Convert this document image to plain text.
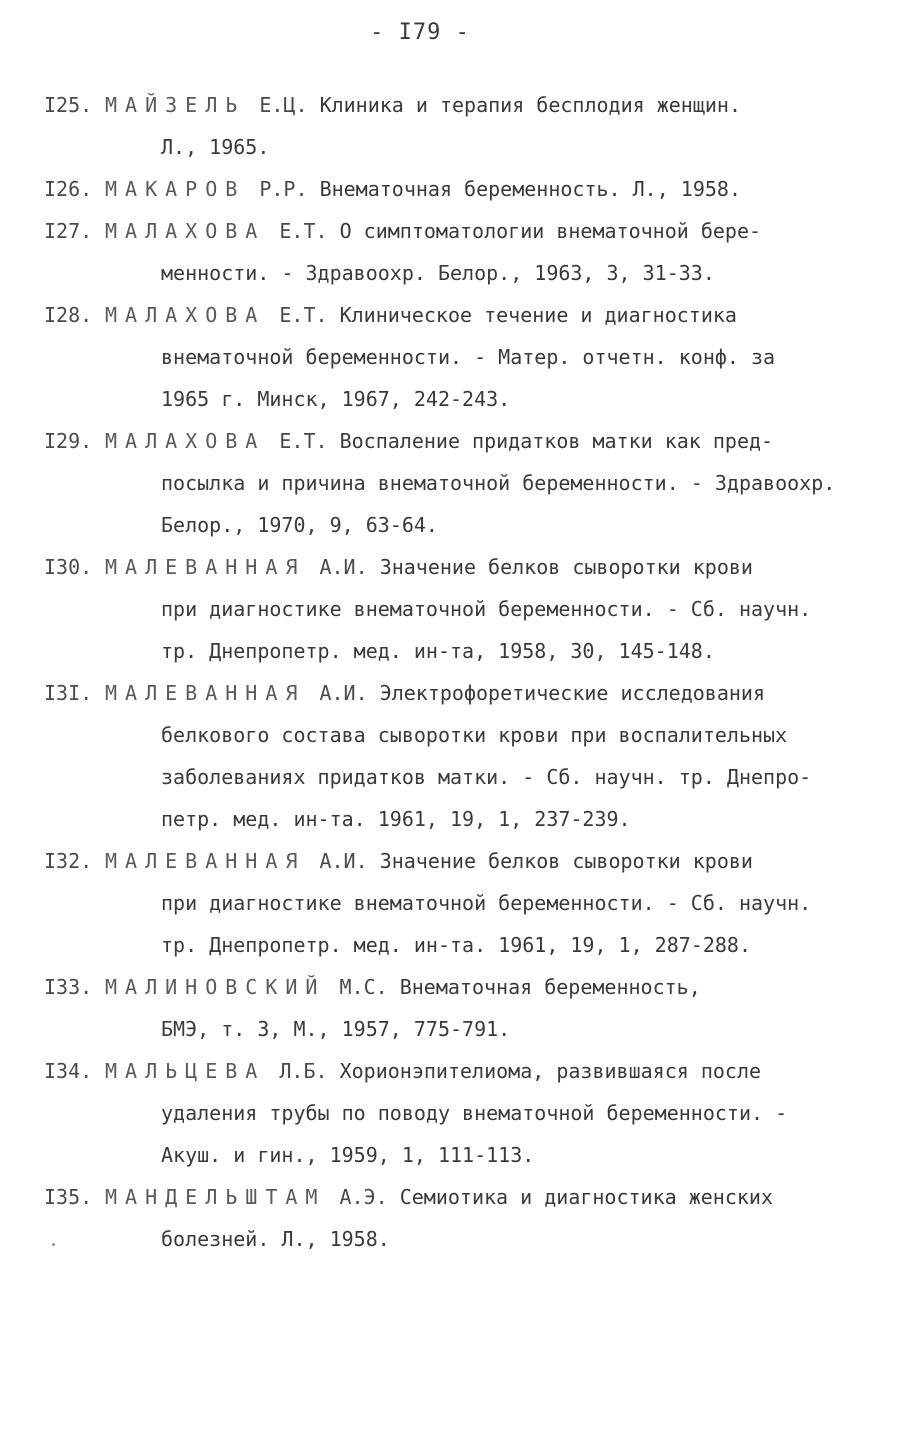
- I79 -
I25. МАЙЗЕЛЬ Е.Ц. Клиника и терапия бесплодия женщин.
Л., 1965.
I26. МАКАРОВ Р.Р. Внематочная беременность. Л., 1958.
I27. МАЛАХОВА Е.Т. О симптоматологии внематочной бере-
менности. - Здравоохр. Белор., 1963, 3, 31-33.
I28. МАЛАХОВА Е.Т. Клиническое течение и диагностика
внематочной беременности. - Матер. отчетн. конф. за
1965 г. Минск, 1967, 242-243.
I29. МАЛАХОВА Е.Т. Воспаление придатков матки как пред-
посылка и причина внематочной беременности. - Здравоохр.
Белор., 1970, 9, 63-64.
I30. МАЛЕВАННАЯ А.И. Значение белков сыворотки крови
при диагностике внематочной беременности. - Сб. научн.
тр. Днепропетр. мед. ин-та, 1958, 30, 145-148.
I3I. МАЛЕВАННАЯ А.И. Электрофоретические исследования
белкового состава сыворотки крови при воспалительных
заболеваниях придатков матки. - Сб. научн. тр. Днепро-
петр. мед. ин-та. 1961, 19, 1, 237-239.
I32. МАЛЕВАННАЯ А.И. Значение белков сыворотки крови
при диагностике внематочной беременности. - Сб. научн.
тр. Днепропетр. мед. ин-та. 1961, 19, 1, 287-288.
I33. МАЛИНОВСКИЙ М.С. Внематочная беременность,
БМЭ, т. 3, М., 1957, 775-791.
I34. МАЛЬЦЕВА Л.Б. Хорионэпителиома, развившаяся после
удаления трубы по поводу внематочной беременности. -
Акуш. и гин., 1959, 1, 111-113.
I35. МАНДЕЛЬШТАМ А.Э. Семиотика и диагностика женских
болезней. Л., 1958.
